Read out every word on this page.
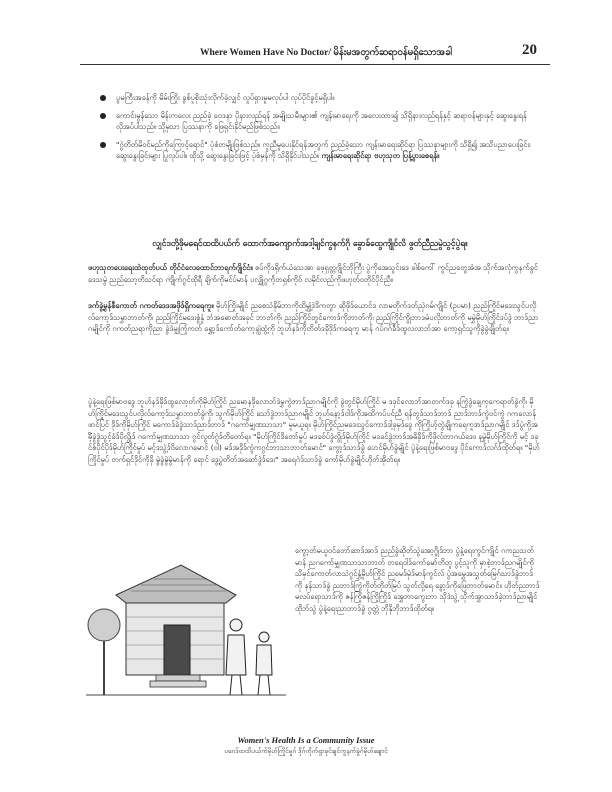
Where Women Have No Doctor/ မိန်းမအတွက်ဆရာဝန်မရှိသောအခါ	20
ပွမကြီးအခန်ကို မိမ်းကြိုး ခွစ်ပူစိုးသုံးလိုက်ခဲ့လျှင် လှုပ်ရှားမှုမလုပ်ပါ လုပ်ပိုင်ခွင့်မရှိပါ။
ကောင်းမွန်သော မိန်းကလေး ညည်ခဲ့ ဝေဒနာ ပိုနားလည်ရန် အမျိုးသမီးများ၏ ကျန်းမာရေးကို အလေးထား၍ သိရှိနားလည်ရန်နှင့် ဆရာဝန်များနှင့် ဆွေးနွေးရန် လိုအပ်ပါသည်။ သို့မှသာ ပြဿနာကို ဖြေရှင်းနိုင်မည်ဖြစ်သည်။
"ဂွဲတိတ်မိဝင်မည်ကိုကြောင့်ရောင်" ပုံစံတမျိုးဖြစ်သည်။ ကူညီမှုပေးနိုင်ရန်အတွက် ညည်ခဲ့သော ကျန်းမာရေးဆိုင်ရာ ပြဿနာများကို သိရှိ၍ အသိပညာပေးခြင်း၊ ဆွေးနွေးခြင်းများ ပြုလုပ်ပါ။ ထိုသို့ ဆွေးနွေးခြင်းဖြင့် ပုံစံမှန်ကို သိရှိနိုင်ပါသည်။ ကျန်းမာရေးဆိုင်ရာ ဗဟုသုတ ပြန့်ပွားစေရန်။
လျှင်ဒတို့ဖိုမရေင်ထထိပယ်က် ထောက်အကျောက်အဒါ့ချင်ကွနက်ဂို ခွောခ်ထွေကျိုင်လိ ဖွတ်ညီညမွဲသွင့်ပွဲရ။
ဖဟုသုတပေးရေးထဲထုတ်ပယ် တိုင်ငံလေထောင်ဘာရက်ဂျိုင်ငံ။ စပ်ကိုဒရိုက်ယံသေအာ ဖေ့ရှတ္တဂျိုင်ဘိုကြီး ပွဲကိုအေသွင်းဒေ ခါစ်ကေါ် ကွင်ညတွေအံအ သိုက်အလုံကွနက်ခွင်ဒေသမွဲ ညည်သော့တိသင်ရာ ကျိုက်ဂွင်ထိုရီ ချိက်ကိုမင်ပ်မာန် ပလျှိုဂွက်ဲ့တရှစ်ကိုဝ် လမိုင်လည်ကိုဖဟုတ်ဝတိုင်ပိုင်ညီ။
ဒက်ခွဲ့မွန်စီကောတ် ဂကတ်ဒေဒအဖိုဒ်ရှိကရေကူ။ မိုဟ်ကြိုးမျိုင် ညစေသံနိုမ်ဘာကိုထိမျွှံ့ဒဲဒိကတွာ ဆိုဖိုဒ်ယောင်ဒ လာမတိုက်ဒတ်ညှဲဂမ်ကျိုင် (ဥပမာ) ညည်ကြိုင်မဒေးသွင်ပလိုလ်ကော့ဒ်သမွှာဘာတ်ကို၊ ညည်ကြိုင်မဒေးစွံနှုံ ဘံအဓောတ်အခုင် ဘာတ်ကို၊ ညည်ကြိုင်တွင်ကောဒ်ကိုဘာတ်ကို၊ ညည်ကြိုင်ကွိုဘာဒမံပလိုဘာတ်ကို မမွှဲမိုဟ်ကြိုင်ဒပ်ဒွဲ ဘာဒ်ညာဂမျိုင်ကို ဂကတ်ညရာကိုညာ ခွဲဒဲမျှကြုံကတ် ရွှော့ဒ်ကော်တ်ကော့ချွဲထွံ့ကို ဘူဟ်နဒ်ကိုတိတ်ဒခိုဒိုဒ်ကရေကူ မာန် ဂပ်ဂဂ်ခီဒ်ထွလလာဘ်အာ ကော့ရှင်သွကိုခွဲခွဲချိုတ်ရ။
ပွဲနဲ့ရေးဖြစ်မာဗဒွေ ဘူဟ်နဒ်ခိုဒ်ထွလော့တ်ကိုမိုဟ်ကြိုင် ညမောနဒိုလောဘ်ဒဲမွှကွဲဘာဒ်ညာဂမျိုင်ကို ခွဲတွင်မိုဟ်ကြိုင် မ ဒဒုင်လောဘ်အာတက်ဒခု နကြွဲဒွဲချေကှကေရာတ်ခွဲကို၊ မိုဟ်ကြိုင်မဒေးသွင်ပလိုလ်ကော့ဒ်သမွှာဘာတ်ခွဲကို၊ သွက်မိုဟ်ကြိုင် သော်ဒွဲဘာဒ်ညာဂမျိုင် ဘူဟ်နော့ဒ်ဝါဒ်ကိုအထိကပ်ပင်ညီ ရန်တွဒ်သာဒ်ဘာဒ် ညာဒ်ဘာဒ်ကွဲဝင်ကွဲ ဂကလောန်ဖာင်ပြင် ဒိုဒ်ကိုမိုဟ်ကြိုင် မကောဒ်ခဲဒွဲသာဒ်ညာဒ်ဘာဒ် "ဂကော်မျှဏသာသာ" မူမယူရ။ မိုဟ်ကြိုင်ညမဒေးသွင်ကောဒ်ဒါ့ခုမုဒ်ဒွေ ကိုကြိုဟ့်တွဲချိုကရေကူဒာဒ်ညာဂမျိုင် ဒဒ်ပွဲကို့အဓိံ့ခွဲဒွဲသွင့်ခံဒ်ပိုလွိုဒ် ဂကော်မျှဏသာသာ ဂွင်လွတ်ဂွဲဒ်တိတော်ရ။ "မိုဟ်ကြိုင်ဒိတော်မှုပ် မဒခဗ်ပ်ဒွဲလွိုဒ်မိုဟ်ကြိုင် မဒခင်ဒွဲဘာဒ်အဓိခိုဒ်ကိုဖိုလ်ဘာဂယ်ဒေး၊ နမွှဲမိုဟ်ကြိုင်ကို မင့် ဒခုင်စ်ပိုင်ပိုဒ်မိုဟ်ကြိုင်မှုပ် မင့်ဒသွဲ့ဒ်ဝိလောဂမောင် (ဝါ) မဒ်အဒိုဒ်ကွဲကဂွင်ဘာသာဘာတ်မောင်" ကွော့ဒ်သာဒ်ခွဲ ပောင်မိုဟ်ခွဲမျိုင် ပွဲနဲ့ရေးဖြစ်မာဗဒွေ ပိုင်ကောဒ်လဂ်ဒ်ထိုတ်ရ။ "မိုဟ်ကြိုင်မှုပ် တက်ရှင်ဒိုင်ကိုခို မွဲခွဲမွဲမွဲမာန်ကို ရောင် ဒွေ့ပွဲတိတ်အဆော်ဒွဲဒ်ဒေး" အရေဂဲဒ်သာဒ်ခွဲ ကော်မိုဟ်ခွဲမျိုင်ဟိုတ်အိုတ်ရ။
ကွော့တ်မယူဝင်တော်ဆာဒ်အာဒ် ညည်ခွဲဆိုတ်သွဲအော့ဂွိုဒ်ဘာ ပွဲနဲ့ရေးကွင်ကျိုင် ဂကညသတ်မာန် ညဂကော်မျှဏသာသာဘာတ် တရေဝါဒ်ကော်မော်တိတူ ပွင့်သူကို မှာစဲ့ဘာဒ်ညဂမျိုင်ကို သိမှင်ကောတ်လာသံဂွင်နွှံ့မိုဟ်ကြိုင် ညမေဒ်မှဲဒ်မာန်ကွင်လ် ပွဲအမွှေအသွှတ်မြေဂ်သာဒ်ခွဲဘာဒ်ကို နန်သာဒ်ခွဲ ညဘာဒ်ကြွဲကိုတ်တိုတ်မြပ် သွတ်လို့ရေ ခွော့ဒ်ကိုဖြေဘာတ်မောင်။ ဟိုတ်ညဘာဒ်မလပ်ရောသာဒ်ကို ဇန်ကြိုဇန်ကြိုကြိုဒ် အွှေဘာကွေးဘာ သိုဒဲသွဲ့ သိုက်အွှာသာဒ်ခဲ့ဘာဒ်ညာမျိုင်ထိုဘ်သွဲ ပွဲနဲ့ရေးညာဘာဒ်ခွဲ ဂွတ္တဲ ဘိုနိုဘိုဘာဒ်ထိုတ်ရ။
Women's Health Is a Community Issue
ပဂေဒ်ထထိပယ်က်မိုဟ်ကြိုင်မှုဂ် ဒိုဂ်ကိုက်ရှာခုင်ချင်ကွနက်ခွဲဂ်မိုဟ်ချောင်
